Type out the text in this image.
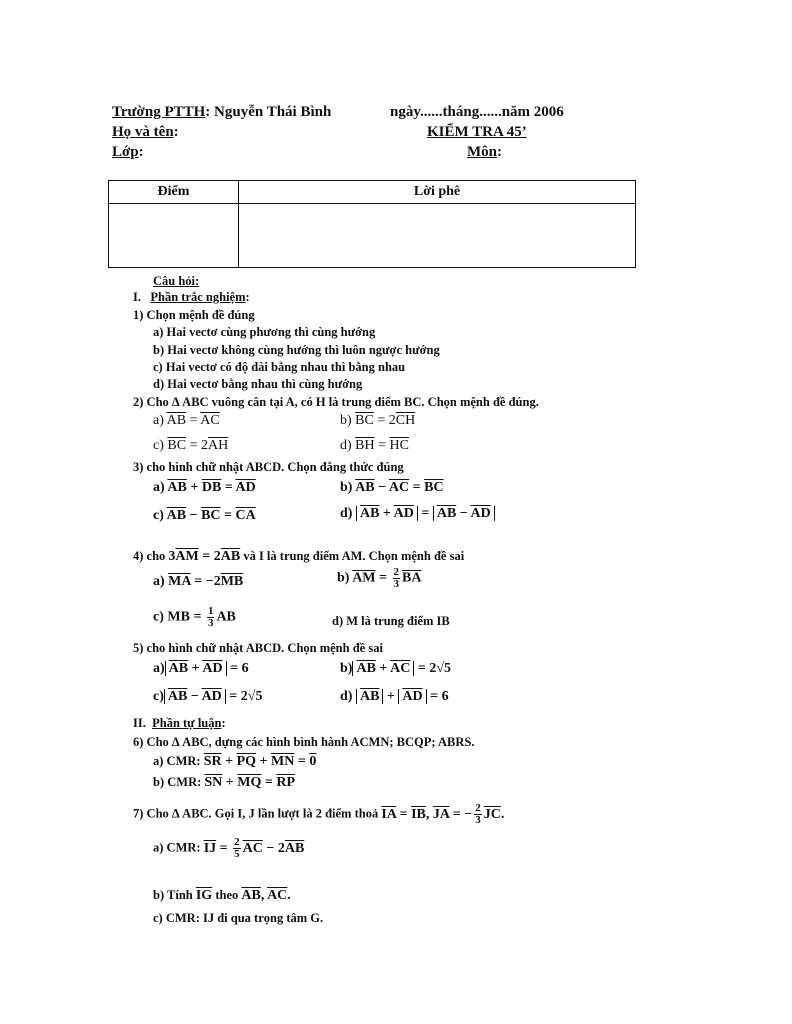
Trường PTTH: Nguyễn Thái Bình	ngày......tháng......năm 2006
Họ và tên:	KIỂM TRA 45’
Lớp:	Môn:
Điểm	Lời phê

Câu hỏi:
I. Phần trắc nghiệm:
1) Chọn mệnh đề đúng
a) Hai vectơ cùng phương thì cùng hướng
b) Hai vectơ không cùng hướng thì luôn ngược hướng
c) Hai vectơ có độ dài bằng nhau thì bằng nhau
d) Hai vectơ bằng nhau thì cùng hướng
2) Cho Δ ABC vuông cân tại A, có H là trung điểm BC. Chọn mệnh đề đúng.
a) $\overline{AB} = \overline{AC}$	b) $\overline{BC} = 2\overline{CH}$
c) $\overline{BC} = 2\overline{AH}$	d) $\overline{BH} = \overline{HC}$
3) cho hình chữ nhật ABCD. Chọn đẳng thức đúng
a) $\overline{AB} + \overline{DB} = \overline{AD}$	b) $\overline{AB} - \overline{AC} = \overline{BC}$
c) $\overline{AB} - \overline{BC} = \overline{CA}$	d) $\overline{AB} + \overline{AD} = \overline{AB} - \overline{AD}$
4) cho $3\overline{AM} = 2\overline{AB}$ và I là trung điểm AM. Chọn mệnh đề sai
a) $\overline{MA} = -2\overline{MB}$	b) $\overline{AM} = \frac{2}{3} \overline{BA}$
c) MB = $\frac{1}{3}$ AB	d) M là trung điểm IB
5) cho hình chữ nhật ABCD. Chọn mệnh đề sai
a) $\overline{AB} + \overline{AD} = 6$	b) $\overline{AB} + \overline{AC} = 2√5$
c) $\overline{AB} - \overline{AD} = 2√5$	d) $\overline{AB} + \overline{AD} = 6$
II. Phần tự luận:
6) Cho Δ ABC, dựng các hình bình hành ACMN; BCQP; ABRS.
a) CMR: $\overline{SR} + \overline{PQ} + \overline{MN} = 0$
b) CMR: $\overline{SN} + \overline{MQ} = \overline{RP}$
7) Cho Δ ABC. Gọi I, J lần lượt là 2 điểm thoả $\overline{IA} = \overline{IB}$, $\overline{JA}$ = − $\frac{2}{3} \overline{JC}$.
a) CMR: $\overline{IJ} = \frac{2}{5} \overline{AC} - 2\overline{AB}$
b) Tính $\overline{IG}$ theo $\overline{AB}$, $\overline{AC}$.
c) CMR: IJ đi qua trọng tâm G.
